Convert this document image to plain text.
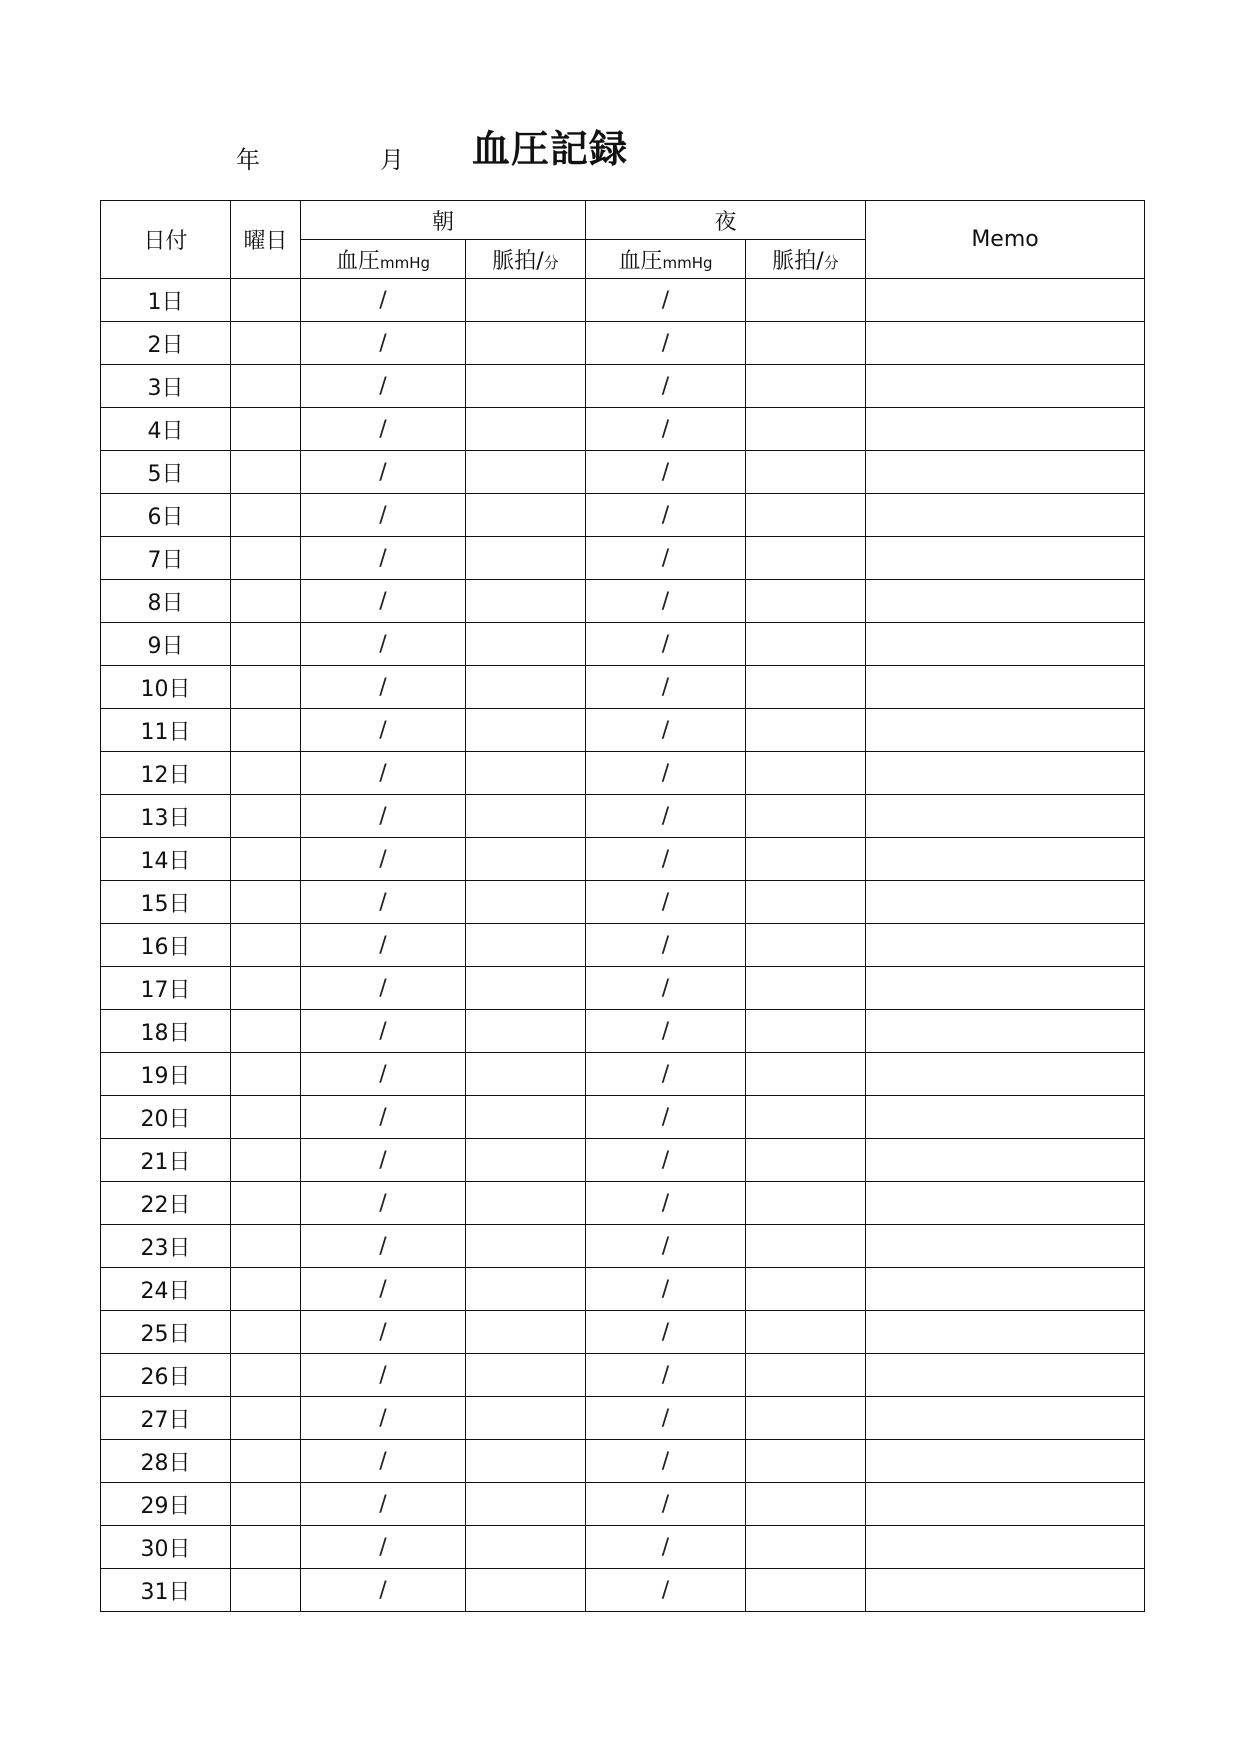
年	月 血圧記録
日付	曜日	朝		夜		Memo
		血圧mmHg	脈拍/分	血圧mmHg	脈拍/分	
1日		/		/		
2日		/		/		
3日		/		/		
4日		/		/		
5日		/		/		
6日		/		/		
7日		/		/		
8日		/		/		
9日		/		/		
10日		/		/		
11日		/		/		
12日		/		/		
13日		/		/		
14日		/		/		
15日		/		/		
16日		/		/		
17日		/		/		
18日		/		/		
19日		/		/		
20日		/		/		
21日		/		/		
22日		/		/		
23日		/		/		
24日		/		/		
25日		/		/		
26日		/		/		
27日		/		/		
28日		/		/		
29日		/		/		
30日		/		/		
31日		/		/		
